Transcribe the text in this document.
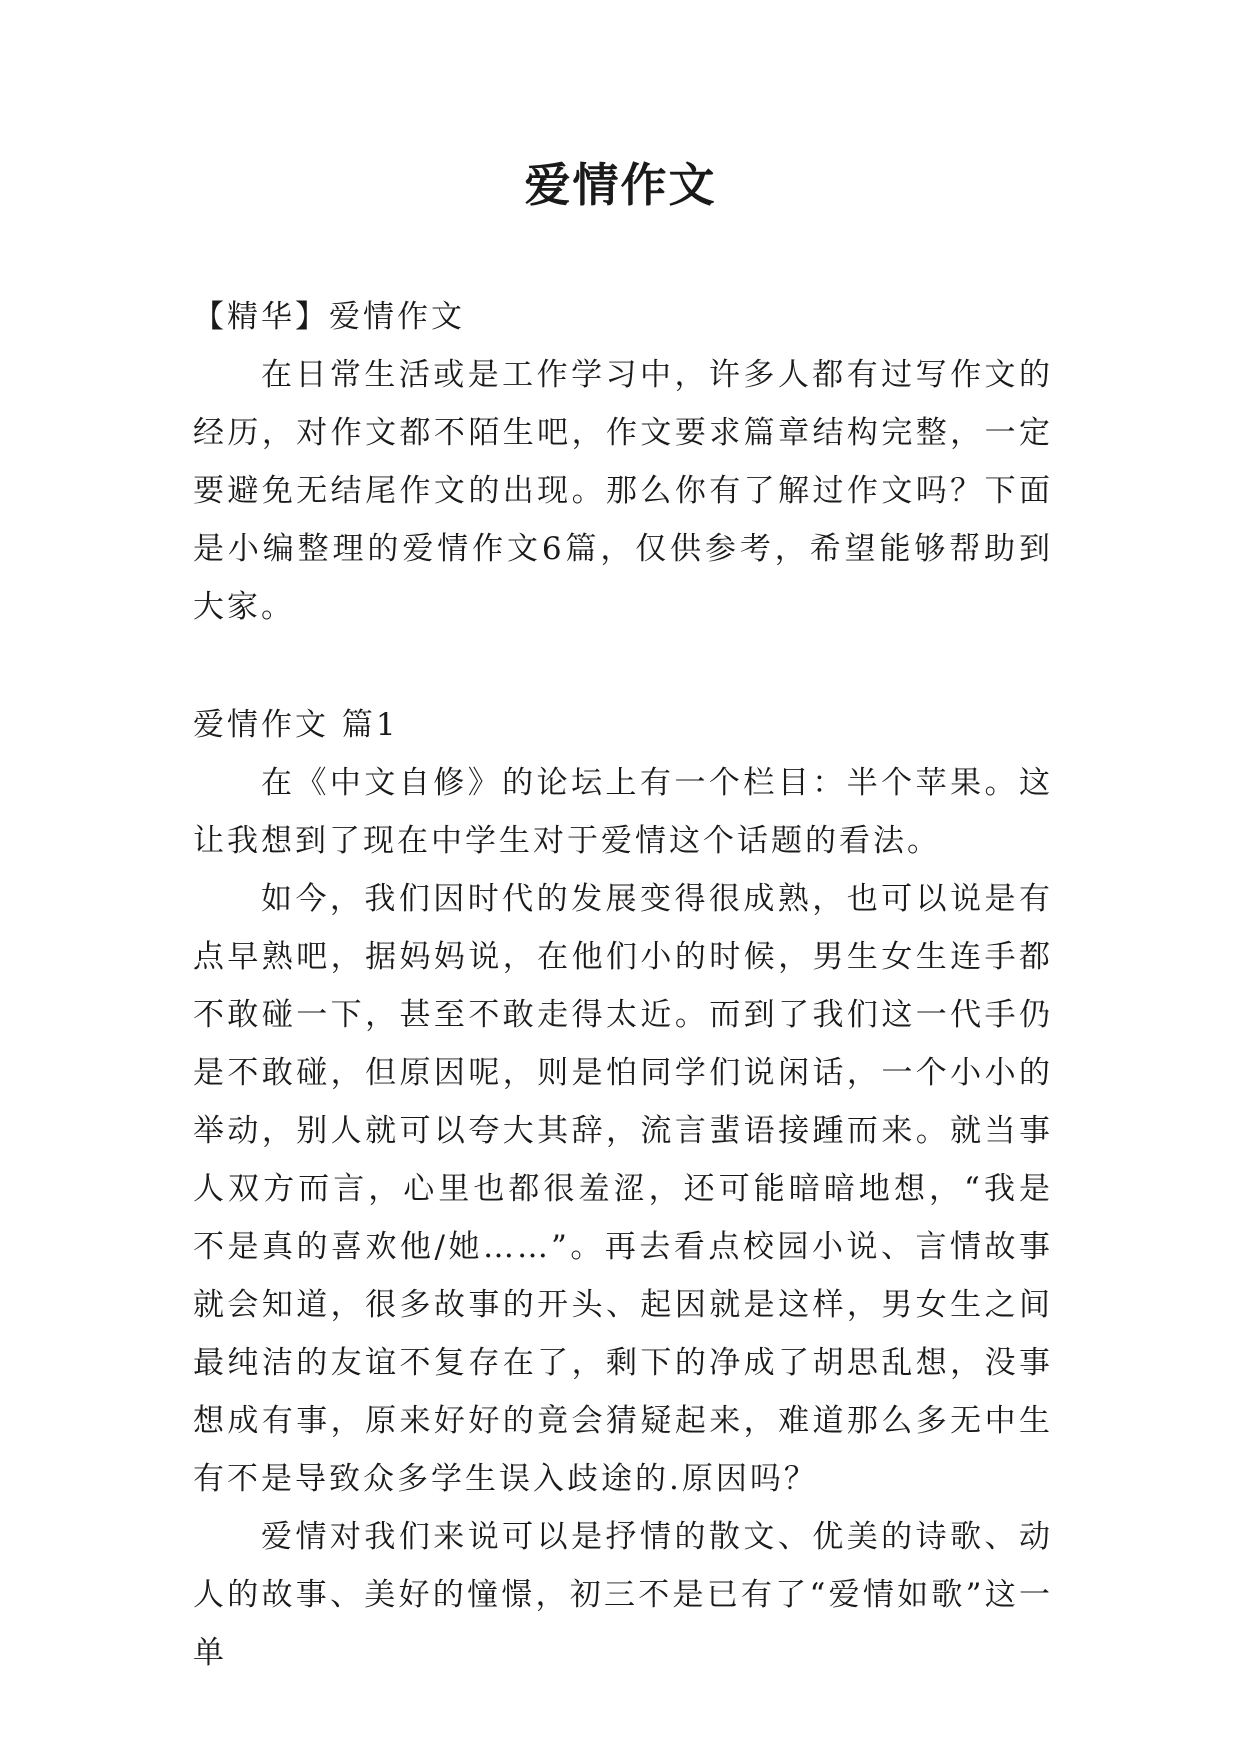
爱情作文

【精华】爱情作文

在日常生活或是工作学习中，许多人都有过写作文的经历，对作文都不陌生吧，作文要求篇章结构完整，一定要避免无结尾作文的出现。那么你有了解过作文吗？下面是小编整理的爱情作文6篇，仅供参考，希望能够帮助到大家。

爱情作文 篇1

在《中文自修》的论坛上有一个栏目：半个苹果。这让我想到了现在中学生对于爱情这个话题的看法。

如今，我们因时代的发展变得很成熟，也可以说是有点早熟吧，据妈妈说，在他们小的时候，男生女生连手都不敢碰一下，甚至不敢走得太近。而到了我们这一代手仍是不敢碰，但原因呢，则是怕同学们说闲话，一个小小的举动，别人就可以夸大其辞，流言蜚语接踵而来。就当事人双方而言，心里也都很羞涩，还可能暗暗地想，“我是不是真的喜欢他/她……”。再去看点校园小说、言情故事就会知道，很多故事的开头、起因就是这样，男女生之间最纯洁的友谊不复存在了，剩下的净成了胡思乱想，没事想成有事，原来好好的竟会猜疑起来，难道那么多无中生有不是导致众多学生误入歧途的.原因吗？

爱情对我们来说可以是抒情的散文、优美的诗歌、动人的故事、美好的憧憬，初三不是已有了“爱情如歌”这一单
